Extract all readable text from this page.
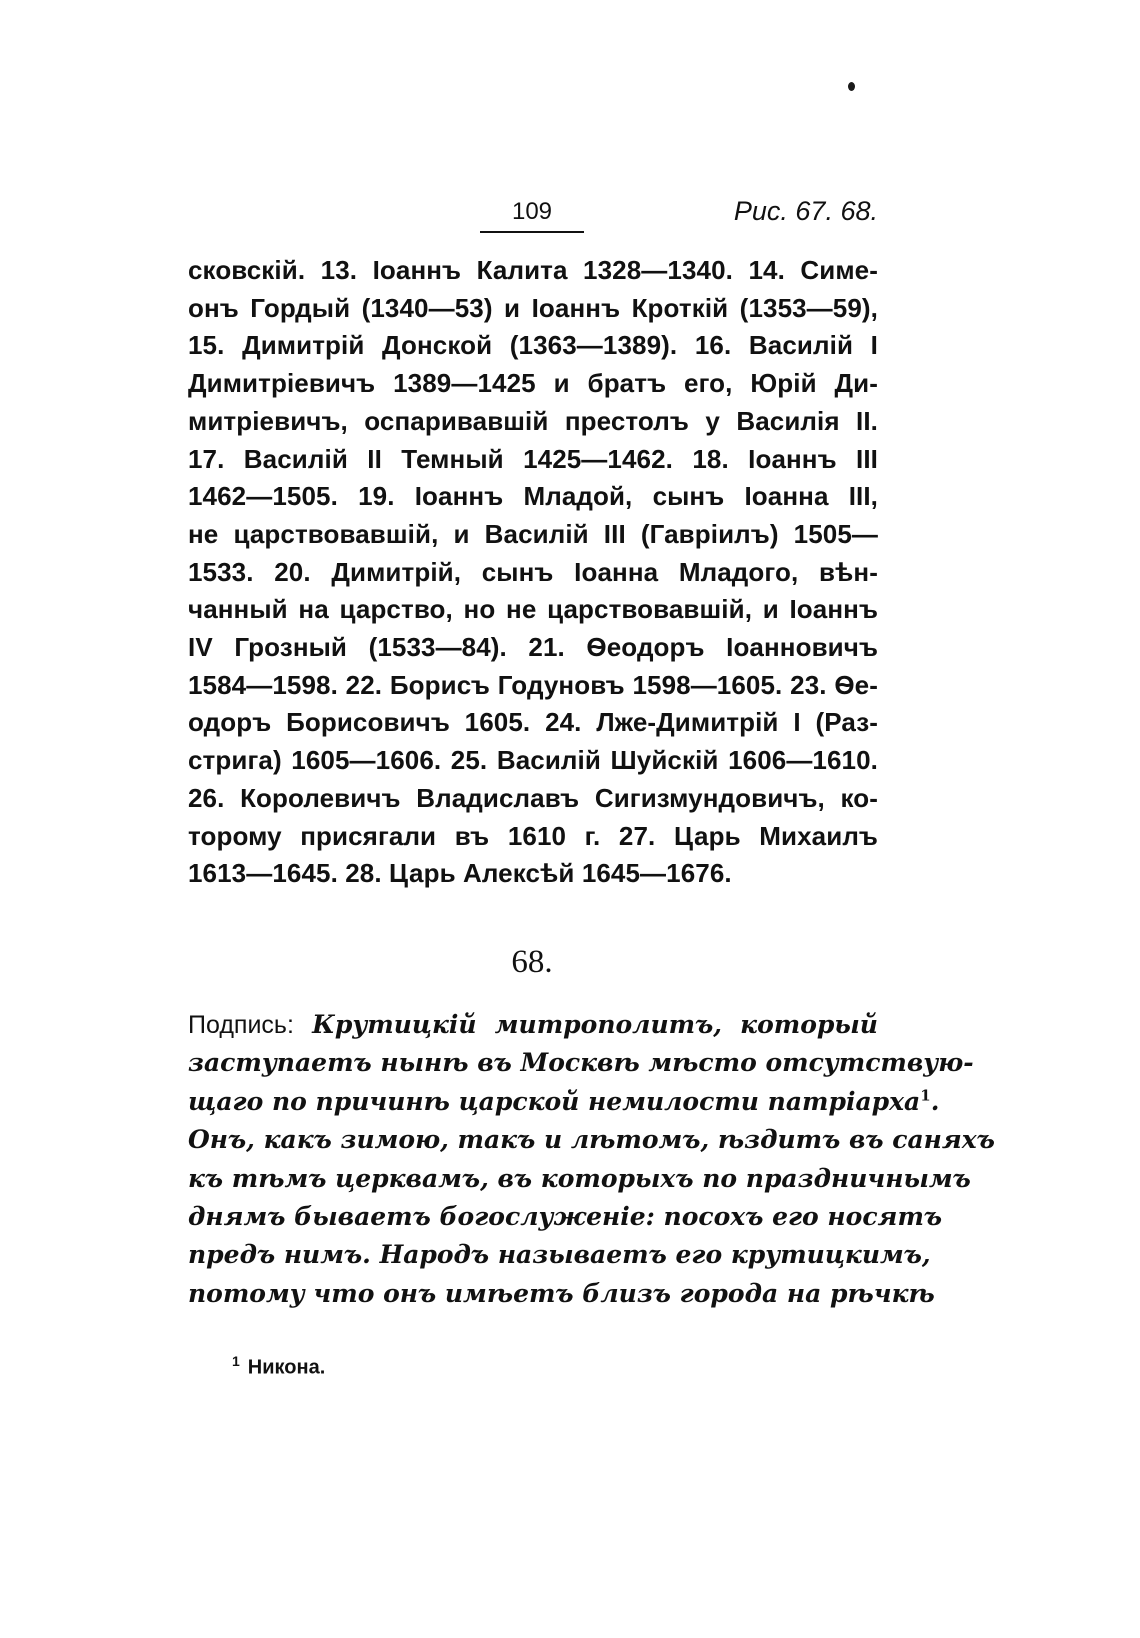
109	Рис. 67. 68.
сковскій. 13. Іоаннъ Калита 1328—1340. 14. Симе-
онъ Гордый (1340—53) и Іоаннъ Кроткій (1353—59),
15. Димитрій Донской (1363—1389). 16. Василій I
Димитріевичъ 1389—1425 и братъ его, Юрій Ди-
митріевичъ, оспаривавшій престолъ у Василія II.
17. Василій II Темный 1425—1462. 18. Іоаннъ III
1462—1505. 19. Іоаннъ Младой, сынъ Іоанна III,
не царствовавшій, и Василій III (Гавріилъ) 1505—
1533. 20. Димитрій, сынъ Іоанна Младого, вѣн-
чанный на царство, но не царствовавшій, и Іоаннъ
IV Грозный (1533—84). 21. Ѳеодоръ Іоанновичъ
1584—1598. 22. Борисъ Годуновъ 1598—1605. 23. Ѳе-
одоръ Борисовичъ 1605. 24. Лже-Димитрій I (Раз-
стрига) 1605—1606. 25. Василій Шуйскій 1606—1610.
26. Королевичъ Владиславъ Сигизмундовичъ, ко-
торому присягали въ 1610 г. 27. Царь Михаилъ
1613—1645. 28. Царь Алексѣй 1645—1676.
68.
Подпись: Крутицкій митрополитъ, который
заступаетъ нынѣ въ Москвѣ мѣсто отсутствую-
щаго по причинѣ царской немилости патріарха$^1$.
Онъ, какъ зимою, такъ и лѣтомъ, ѣздитъ въ саняхъ
къ тѣмъ церквамъ, въ которыхъ по праздничнымъ
днямъ бываетъ богослуженіе: посохъ его носятъ
предъ нимъ. Народъ называетъ его крутицкимъ,
потому что онъ имѣетъ близъ города на рѣчкѣ
$^1$ Никона.
